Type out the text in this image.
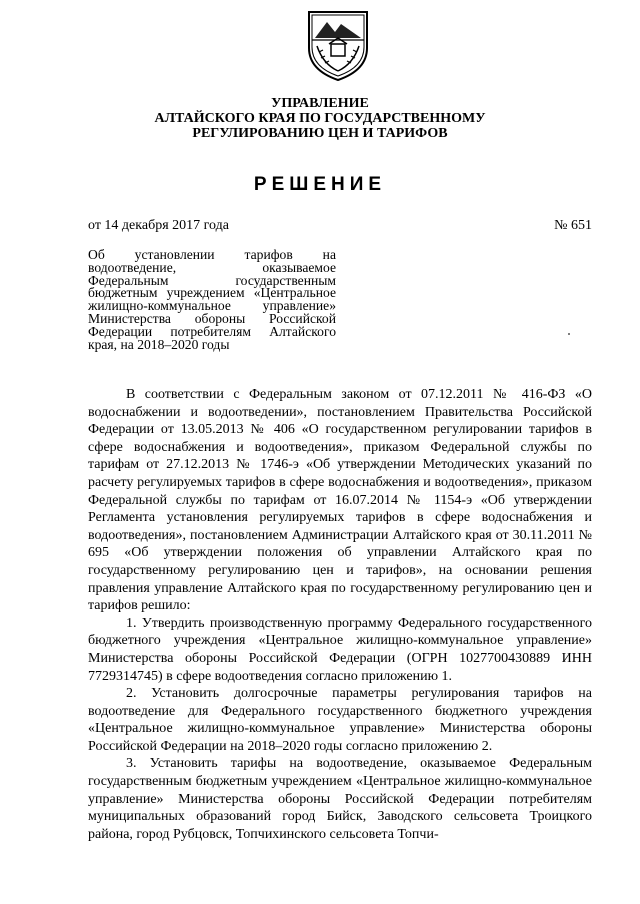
УПРАВЛЕНИЕ
АЛТАЙСКОГО КРАЯ ПО ГОСУДАРСТВЕННОМУ
РЕГУЛИРОВАНИЮ ЦЕН И ТАРИФОВ
РЕШЕНИЕ
от 14 декабря 2017 года	№ 651
Об установлении тарифов на водоотведение, оказываемое Федеральным государственным бюджетным учреждением «Центральное жилищно-коммунальное управление» Министерства обороны Российской Федерации потребителям Алтайского края, на 2018–2020 годы

В соответствии с Федеральным законом от 07.12.2011 № 416-ФЗ «О водоснабжении и водоотведении», постановлением Правительства Российской Федерации от 13.05.2013 № 406 «О государственном регулировании тарифов в сфере водоснабжения и водоотведения», приказом Федеральной службы по тарифам от 27.12.2013 № 1746-э «Об утверждении Методических указаний по расчету регулируемых тарифов в сфере водоснабжения и водоотведения», приказом Федеральной службы по тарифам от 16.07.2014 № 1154-э «Об утверждении Регламента установления регулируемых тарифов в сфере водоснабжения и водоотведения», постановлением Администрации Алтайского края от 30.11.2011 № 695 «Об утверждении положения об управлении Алтайского края по государственному регулированию цен и тарифов», на основании решения правления управление Алтайского края по государственному регулированию цен и тарифов решило:

1. Утвердить производственную программу Федерального государственного бюджетного учреждения «Центральное жилищно-коммунальное управление» Министерства обороны Российской Федерации (ОГРН 1027700430889 ИНН 7729314745) в сфере водоотведения согласно приложению 1.

2. Установить долгосрочные параметры регулирования тарифов на водоотведение для Федерального государственного бюджетного учреждения «Центральное жилищно-коммунальное управление» Министерства обороны Российской Федерации на 2018–2020 годы согласно приложению 2.

3. Установить тарифы на водоотведение, оказываемое Федеральным государственным бюджетным учреждением «Центральное жилищно-коммунальное управление» Министерства обороны Российской Федерации потребителям муниципальных образований город Бийск, Заводского сельсовета Троицкого района, город Рубцовск, Топчихинского сельсовета Топчи-
